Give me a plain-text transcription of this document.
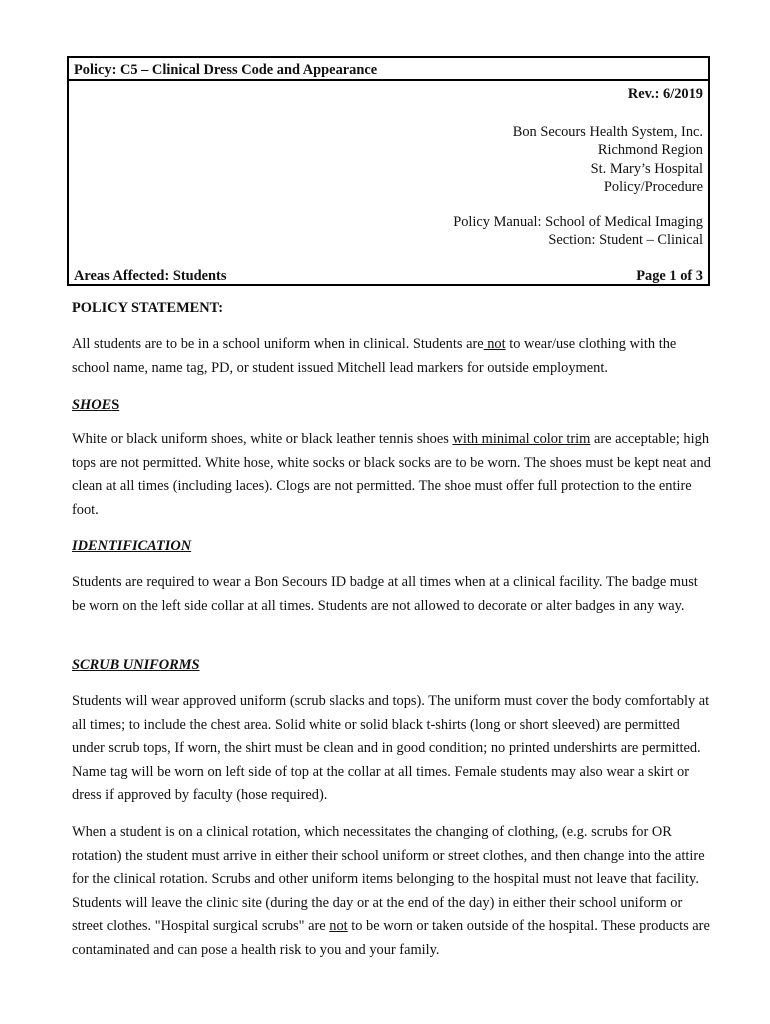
Policy: C5 – Clinical Dress Code and Appearance
Rev.: 6/2019
Bon Secours Health System, Inc.
Richmond Region
St. Mary’s Hospital
Policy/Procedure
Policy Manual: School of Medical Imaging
Section: Student – Clinical
Areas Affected: Students	Page 1 of 3
POLICY STATEMENT:
All students are to be in a school uniform when in clinical. Students are not to wear/use clothing with the school name, name tag, PD, or student issued Mitchell lead markers for outside employment.
SHOES
White or black uniform shoes, white or black leather tennis shoes with minimal color trim are acceptable; high tops are not permitted. White hose, white socks or black socks are to be worn. The shoes must be kept neat and clean at all times (including laces). Clogs are not permitted. The shoe must offer full protection to the entire foot.
IDENTIFICATION
Students are required to wear a Bon Secours ID badge at all times when at a clinical facility. The badge must be worn on the left side collar at all times. Students are not allowed to decorate or alter badges in any way.
SCRUB UNIFORMS
Students will wear approved uniform (scrub slacks and tops). The uniform must cover the body comfortably at all times; to include the chest area. Solid white or solid black t-shirts (long or short sleeved) are permitted under scrub tops, If worn, the shirt must be clean and in good condition; no printed undershirts are permitted. Name tag will be worn on left side of top at the collar at all times. Female students may also wear a skirt or dress if approved by faculty (hose required).
When a student is on a clinical rotation, which necessitates the changing of clothing, (e.g. scrubs for OR rotation) the student must arrive in either their school uniform or street clothes, and then change into the attire for the clinical rotation. Scrubs and other uniform items belonging to the hospital must not leave that facility. Students will leave the clinic site (during the day or at the end of the day) in either their school uniform or street clothes. "Hospital surgical scrubs" are not to be worn or taken outside of the hospital. These products are contaminated and can pose a health risk to you and your family.
